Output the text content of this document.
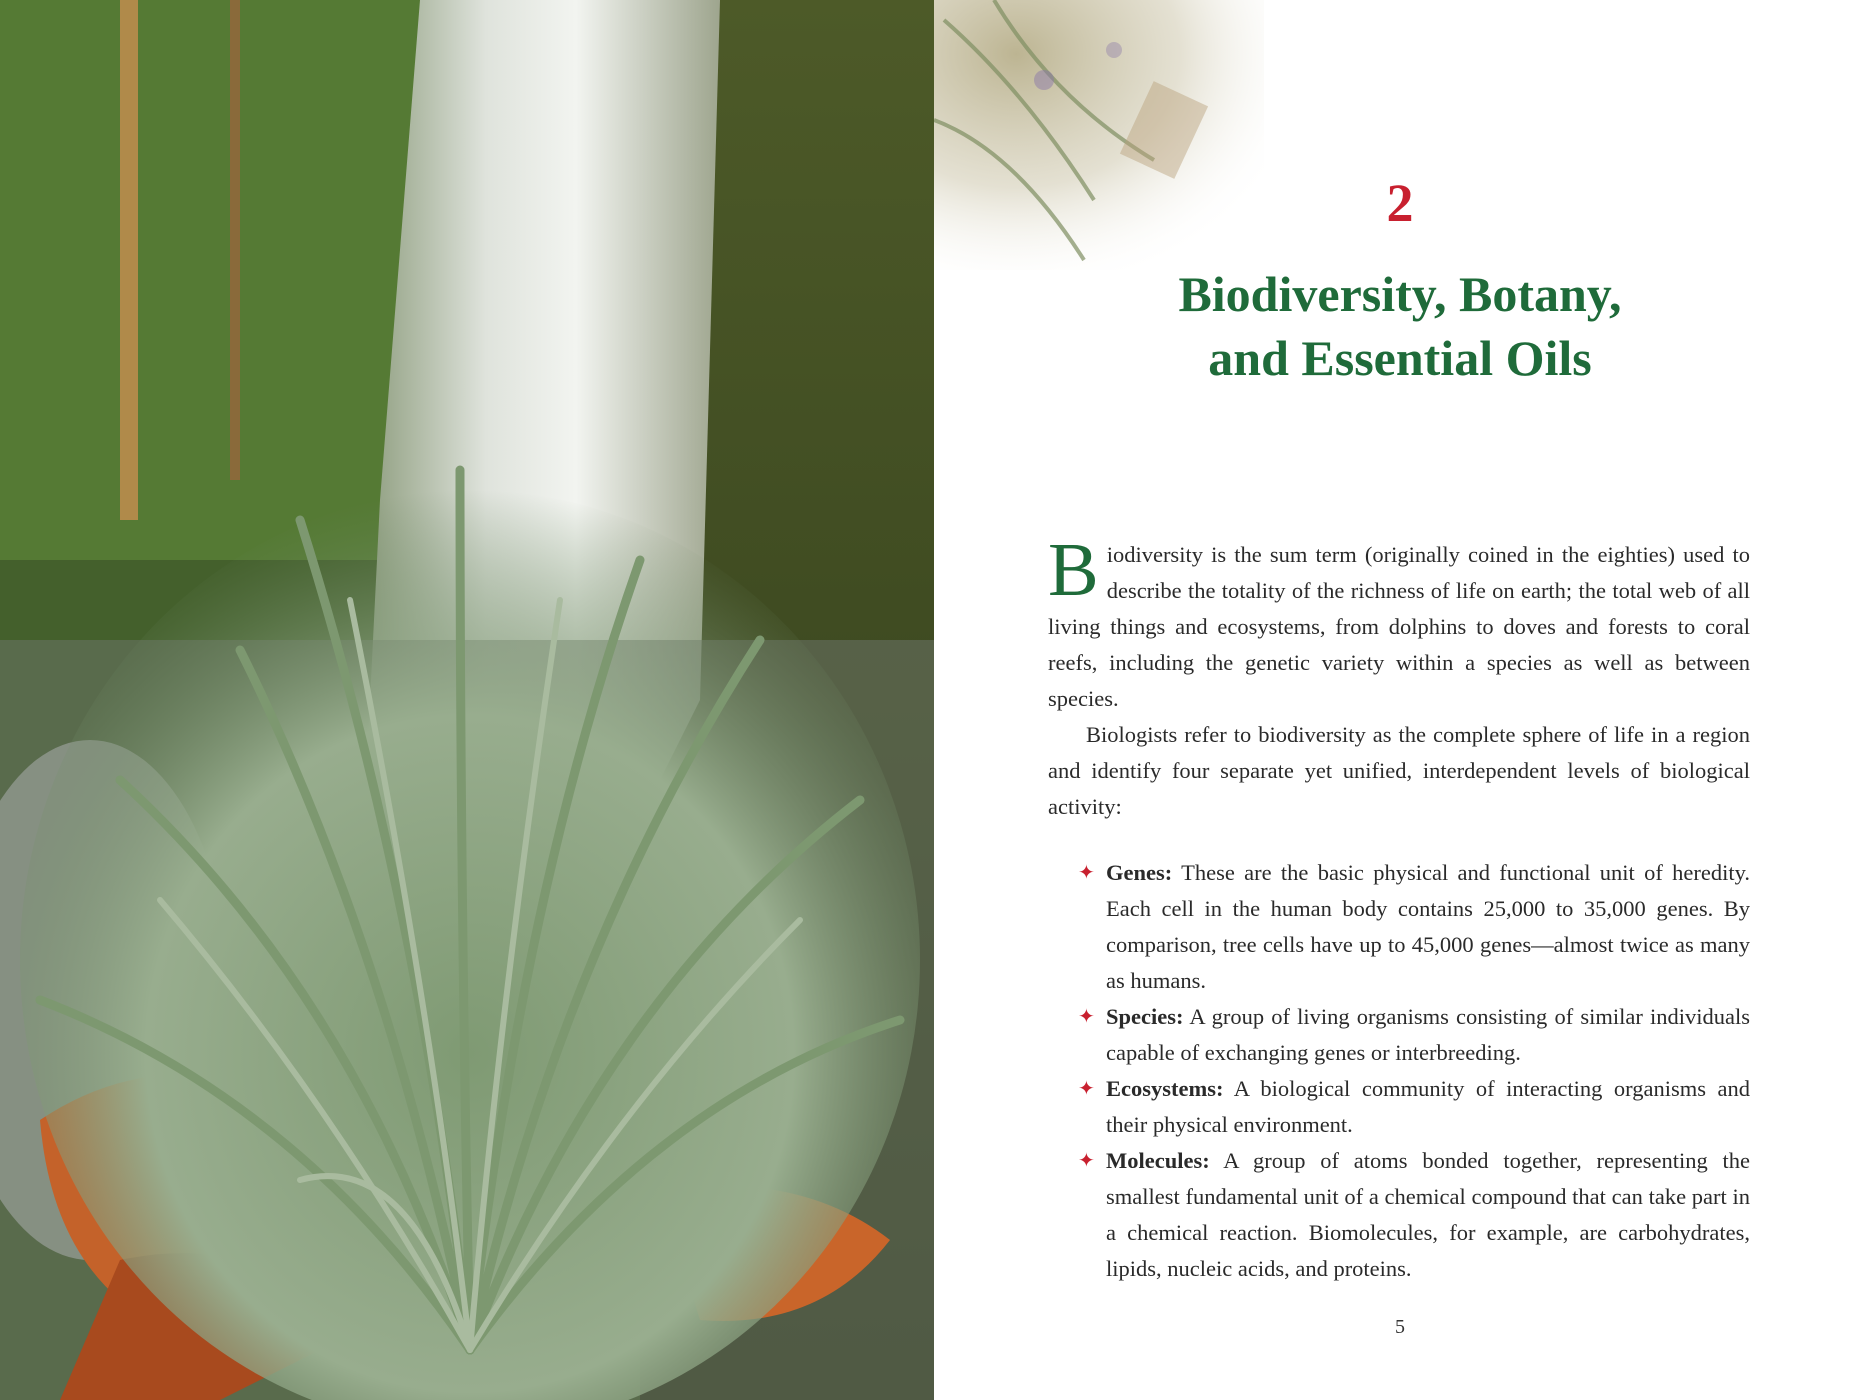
2
Biodiversity, Botany,
and Essential Oils

Biodiversity is the sum term (originally coined in the eighties) used to describe the totality of the richness of life on earth; the total web of all living things and ecosystems, from dolphins to doves and forests to coral reefs, including the genetic variety within a species as well as between species.

Biologists refer to biodiversity as the complete sphere of life in a region and identify four separate yet unified, interdependent levels of biological activity:

✦ Genes: These are the basic physical and functional unit of heredity. Each cell in the human body contains 25,000 to 35,000 genes. By comparison, tree cells have up to 45,000 genes—almost twice as many as humans.
✦ Species: A group of living organisms consisting of similar individuals capable of exchanging genes or interbreeding.
✦ Ecosystems: A biological community of interacting organisms and their physical environment.
✦ Molecules: A group of atoms bonded together, representing the smallest fundamental unit of a chemical compound that can take part in a chemical reaction. Biomolecules, for example, are carbohydrates, lipids, nucleic acids, and proteins.
5
